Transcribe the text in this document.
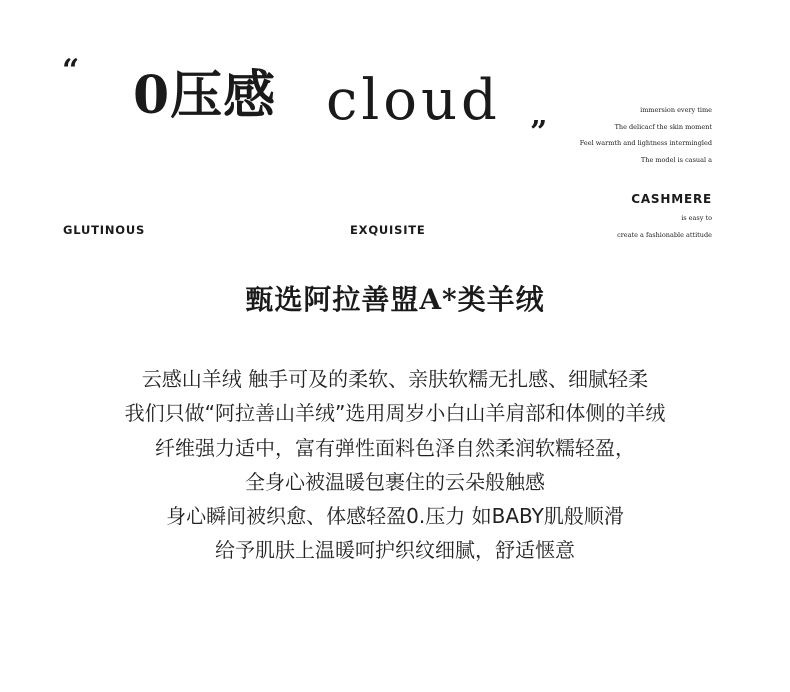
“ 0压感 cloud ”
immersion every time
The delicacf the skin moment
Feel warmth and lightness intermingled
The model is casual a
CASHMERE
is easy to
create a fashionable attitude
GLUTINOUS	EXQUISITE
甄选阿拉善盟A*类羊绒
云感山羊绒 触手可及的柔软、亲肤软糯无扎感、细腻轻柔
我们只做“阿拉善山羊绒”选用周岁小白山羊肩部和体侧的羊绒
纤维强力适中，富有弹性面料色泽自然柔润软糯轻盈，
全身心被温暖包裹住的云朵般触感
身心瞬间被织愈、体感轻盈0.压力 如BABY肌般顺滑
给予肌肤上温暖呵护织纹细腻，舒适惬意
